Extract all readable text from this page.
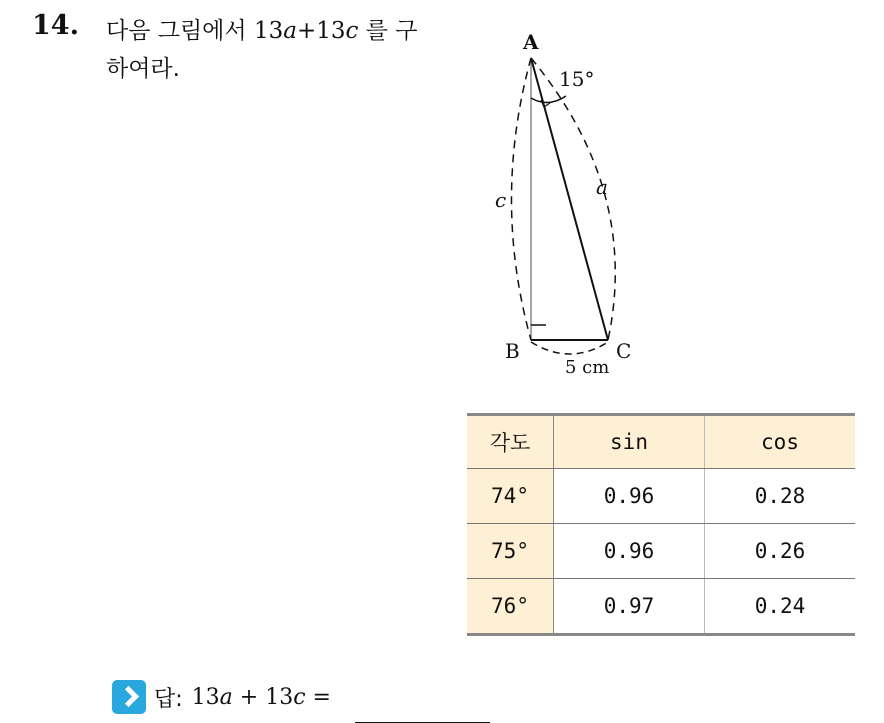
14. 다음 그림에서 13a+13c 를 구
하여라.
A
B	C
15°
a
c
5 cm
각도	sin	cos
74°	0.96	0.28
75°	0.96	0.26
76°	0.97	0.24
답: 13a + 13c =
